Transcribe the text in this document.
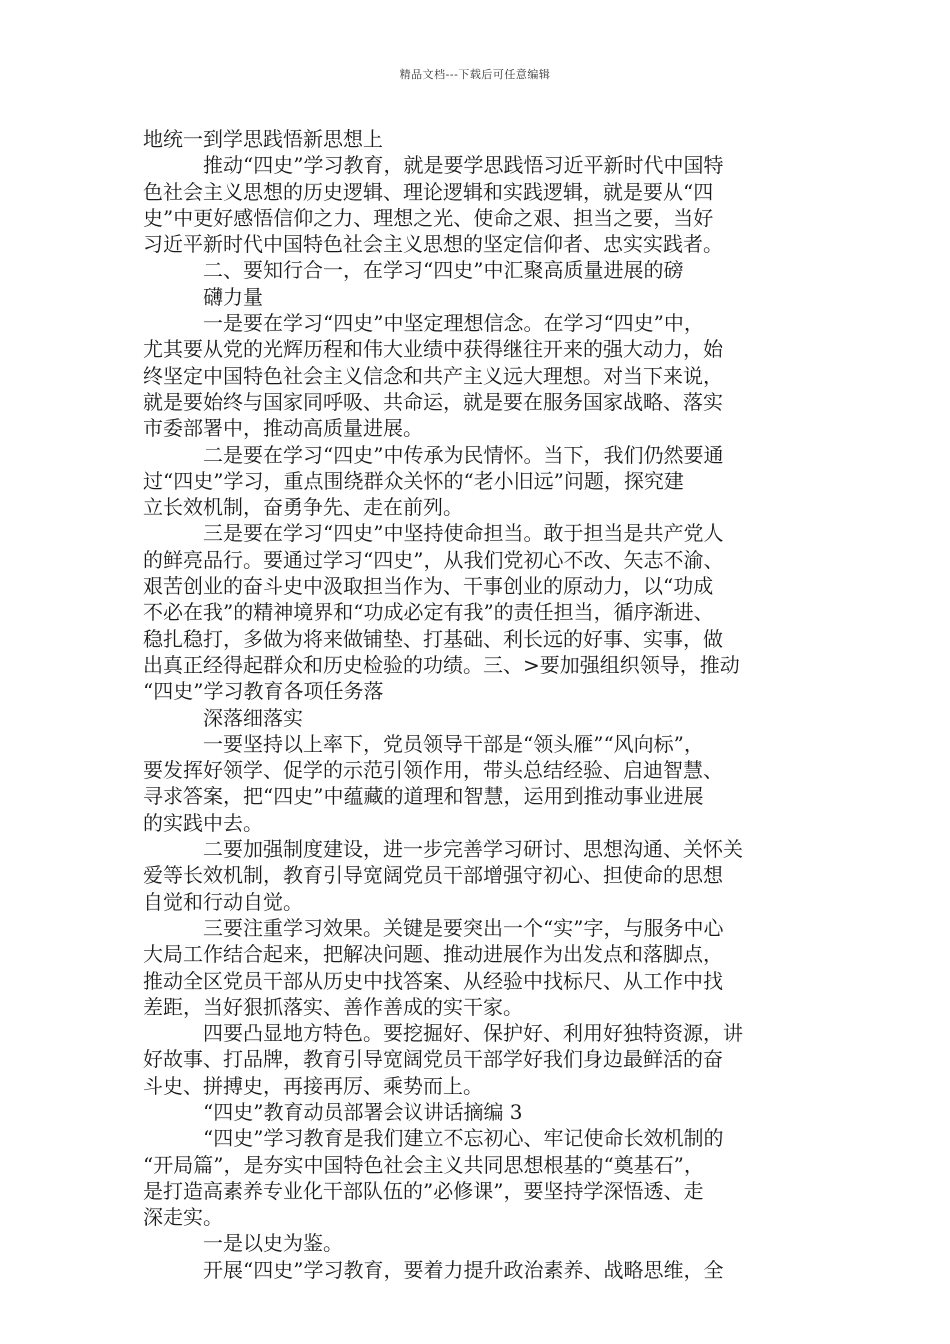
精品文档---下载后可任意编辑
地统一到学思践悟新思想上
推动“四史”学习教育，就是要学思践悟习近平新时代中国特
色社会主义思想的历史逻辑、理论逻辑和实践逻辑，就是要从“四
史”中更好感悟信仰之力、理想之光、使命之艰、担当之要，当好
习近平新时代中国特色社会主义思想的坚定信仰者、忠实实践者。
二、要知行合一，在学习“四史”中汇聚高质量进展的磅
礴力量
一是要在学习“四史”中坚定理想信念。在学习“四史”中，
尤其要从党的光辉历程和伟大业绩中获得继往开来的强大动力，始
终坚定中国特色社会主义信念和共产主义远大理想。对当下来说，
就是要始终与国家同呼吸、共命运，就是要在服务国家战略、落实
市委部署中，推动高质量进展。
二是要在学习“四史”中传承为民情怀。当下，我们仍然要通
过“四史”学习，重点围绕群众关怀的“老小旧远”问题，探究建
立长效机制，奋勇争先、走在前列。
三是要在学习“四史”中坚持使命担当。敢于担当是共产党人
的鲜亮品行。要通过学习“四史”，从我们党初心不改、矢志不渝、
艰苦创业的奋斗史中汲取担当作为、干事创业的原动力，以“功成
不必在我”的精神境界和“功成必定有我”的责任担当，循序渐进、
稳扎稳打，多做为将来做铺垫、打基础、利长远的好事、实事，做
出真正经得起群众和历史检验的功绩。三、>要加强组织领导，推动
“四史”学习教育各项任务落
深落细落实
一要坚持以上率下，党员领导干部是“领头雁”“风向标”，
要发挥好领学、促学的示范引领作用，带头总结经验、启迪智慧、
寻求答案，把“四史”中蕴藏的道理和智慧，运用到推动事业进展
的实践中去。
二要加强制度建设，进一步完善学习研讨、思想沟通、关怀关
爱等长效机制，教育引导宽阔党员干部增强守初心、担使命的思想
自觉和行动自觉。
三要注重学习效果。关键是要突出一个“实”字，与服务中心
大局工作结合起来，把解决问题、推动进展作为出发点和落脚点，
推动全区党员干部从历史中找答案、从经验中找标尺、从工作中找
差距，当好狠抓落实、善作善成的实干家。
四要凸显地方特色。要挖掘好、保护好、利用好独特资源，讲
好故事、打品牌，教育引导宽阔党员干部学好我们身边最鲜活的奋
斗史、拼搏史，再接再厉、乘势而上。
“四史”教育动员部署会议讲话摘编 3
“四史”学习教育是我们建立不忘初心、牢记使命长效机制的
“开局篇”，是夯实中国特色社会主义共同思想根基的“奠基石”，
是打造高素养专业化干部队伍的”必修课”，要坚持学深悟透、走
深走实。
一是以史为鉴。
开展“四史”学习教育，要着力提升政治素养、战略思维，全
